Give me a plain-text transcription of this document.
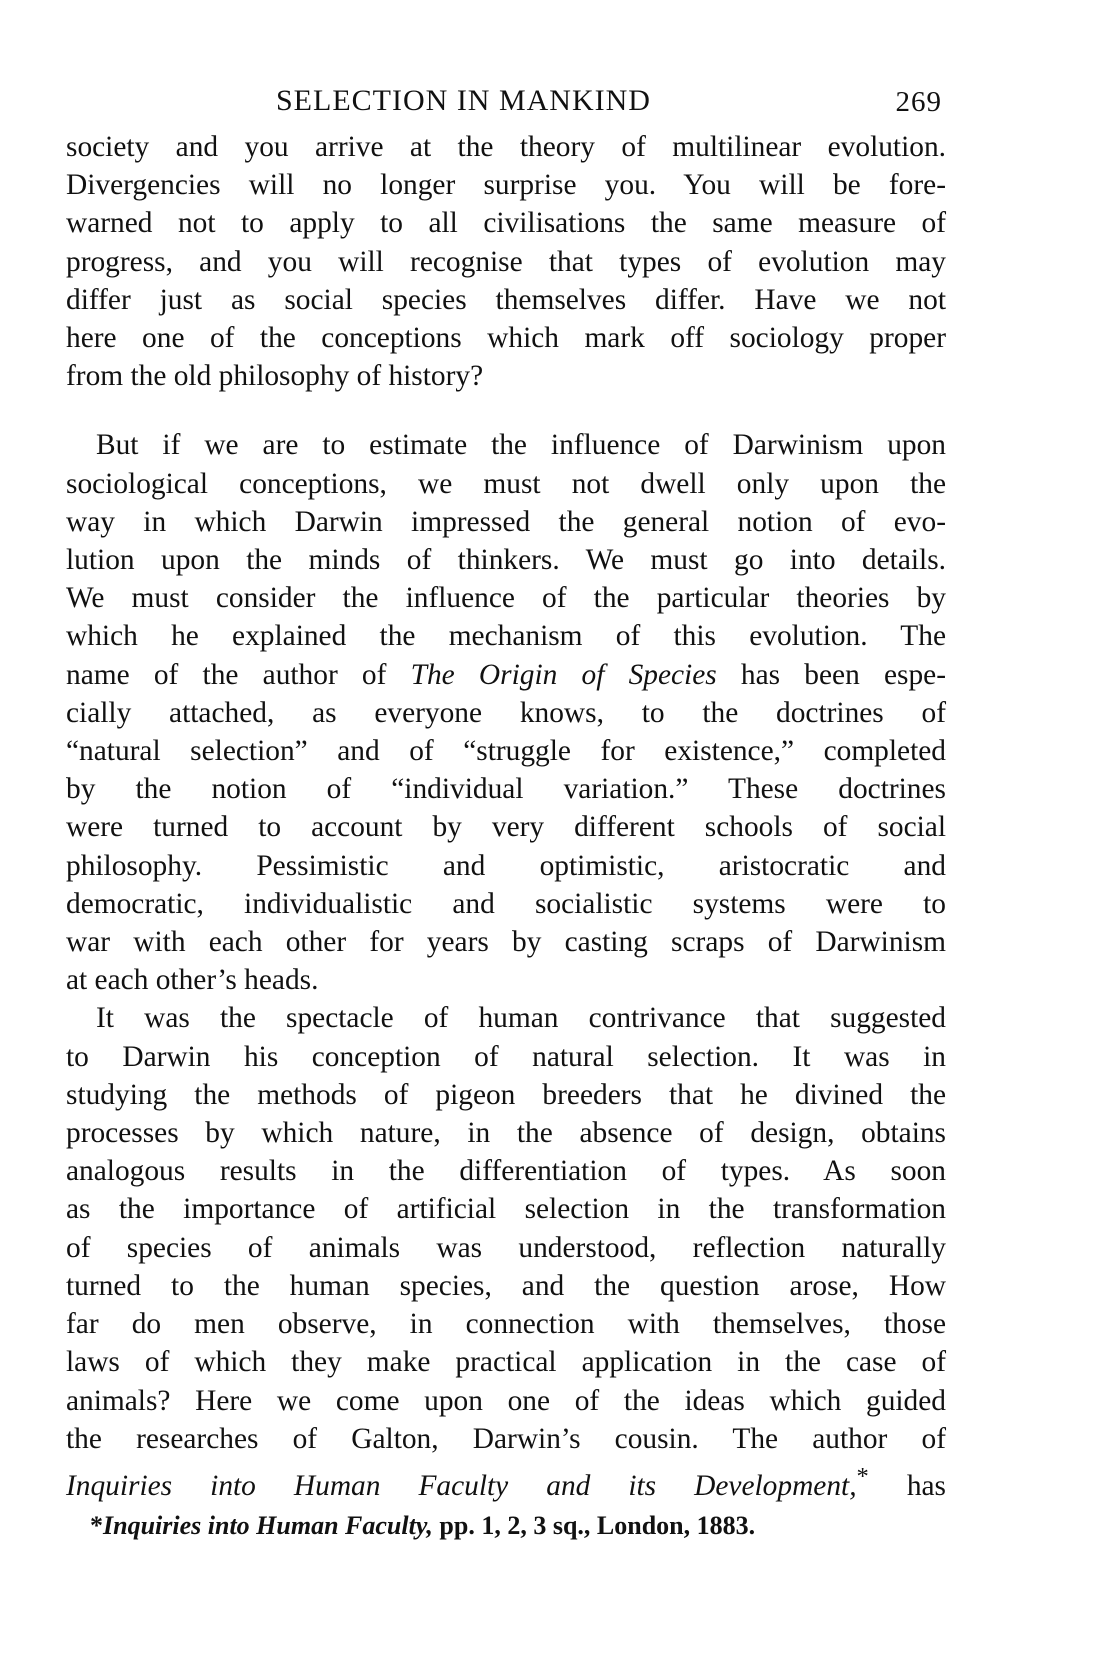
SELECTION IN MANKIND	269

society and you arrive at the theory of multilinear evolution.
Divergencies will no longer surprise you. You will be fore-
warned not to apply to all civilisations the same measure of
progress, and you will recognise that types of evolution may
differ just as social species themselves differ. Have we not
here one of the conceptions which mark off sociology proper
from the old philosophy of history?

But if we are to estimate the influence of Darwinism upon
sociological conceptions, we must not dwell only upon the
way in which Darwin impressed the general notion of evo-
lution upon the minds of thinkers. We must go into details.
We must consider the influence of the particular theories by
which he explained the mechanism of this evolution. The
name of the author of The Origin of Species has been espe-
cially attached, as everyone knows, to the doctrines of
“natural selection” and of “struggle for existence,” completed
by the notion of “individual variation.” These doctrines
were turned to account by very different schools of social
philosophy. Pessimistic and optimistic, aristocratic and
democratic, individualistic and socialistic systems were to
war with each other for years by casting scraps of Darwinism
at each other’s heads.

It was the spectacle of human contrivance that suggested
to Darwin his conception of natural selection. It was in
studying the methods of pigeon breeders that he divined the
processes by which nature, in the absence of design, obtains
analogous results in the differentiation of types. As soon
as the importance of artificial selection in the transformation
of species of animals was understood, reflection naturally
turned to the human species, and the question arose, How
far do men observe, in connection with themselves, those
laws of which they make practical application in the case of
animals? Here we come upon one of the ideas which guided
the researches of Galton, Darwin’s cousin. The author of
Inquiries into Human Faculty and its Development,* has

*Inquiries into Human Faculty, pp. 1, 2, 3 sq., London, 1883.
